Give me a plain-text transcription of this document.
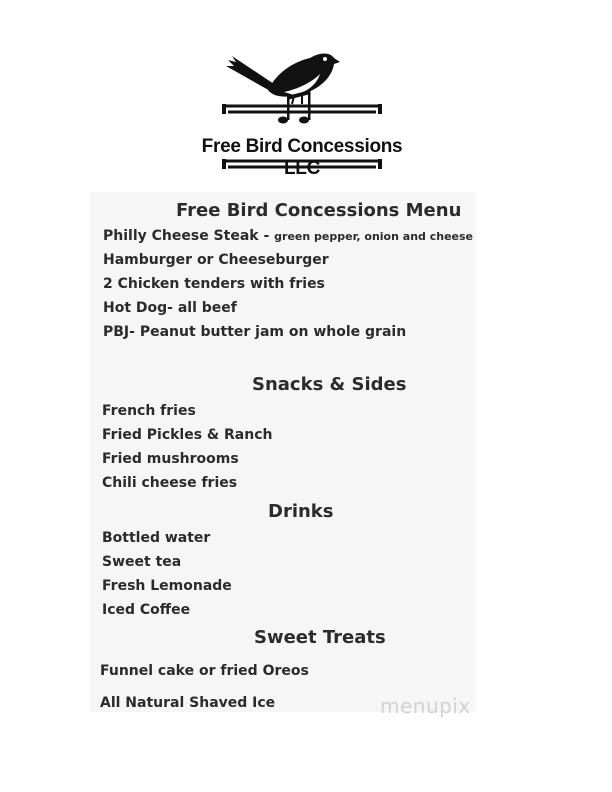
Free Bird Concessions LLC
Free Bird Concessions Menu
Philly Cheese Steak - green pepper, onion and cheese
Hamburger or Cheeseburger
2 Chicken tenders with fries
Hot Dog- all beef
PBJ- Peanut butter jam on whole grain
Snacks & Sides
French fries
Fried Pickles & Ranch
Fried mushrooms
Chili cheese fries
Drinks
Bottled water
Sweet tea
Fresh Lemonade
Iced Coffee
Sweet Treats
Funnel cake or fried Oreos
All Natural Shaved Ice	menupix
